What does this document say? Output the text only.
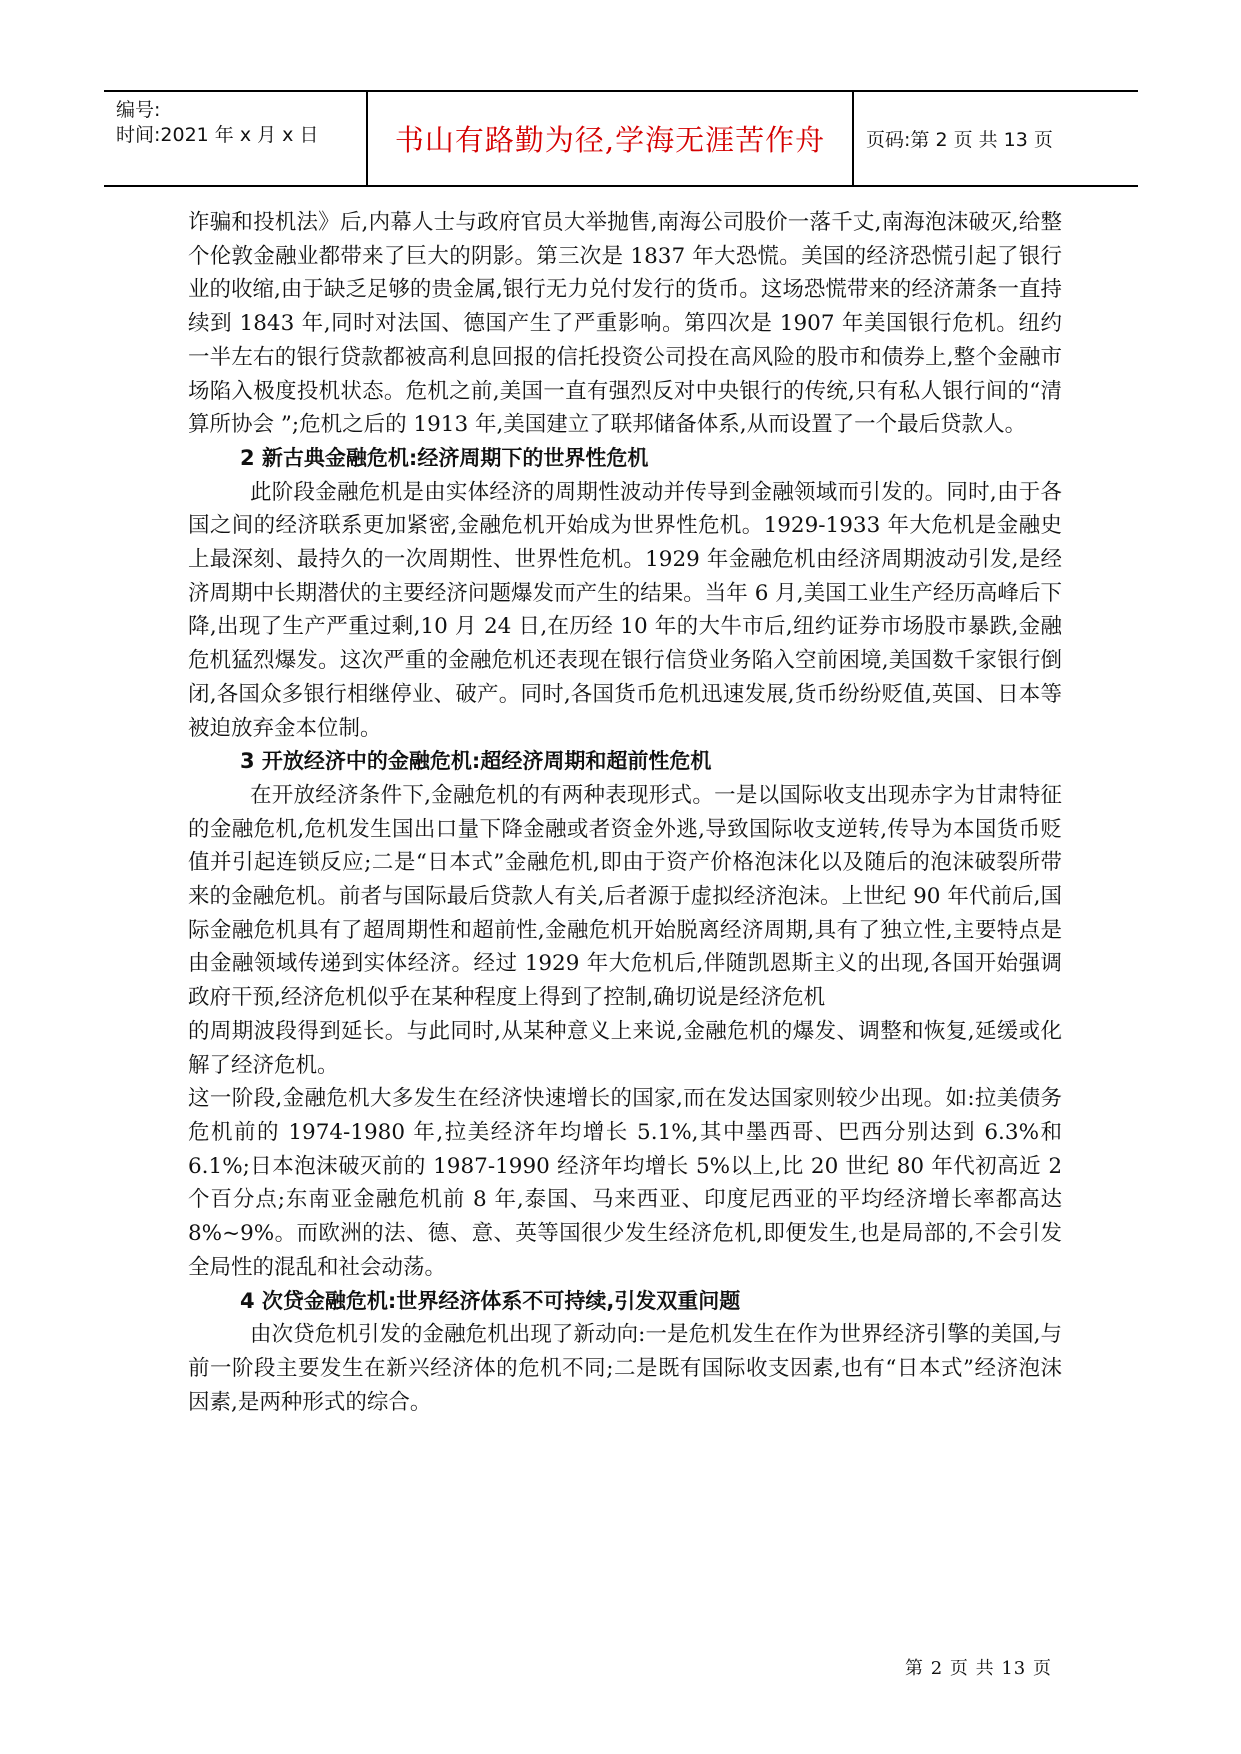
编号:
时间:2021 年 x 月 x 日	书山有路勤为径,学海无涯苦作舟	页码:第 2 页 共 13 页

诈骗和投机法》后,内幕人士与政府官员大举抛售,南海公司股价一落千丈,南海泡沫破灭,给整个伦敦金融业都带来了巨大的阴影。第三次是 1837 年大恐慌。美国的经济恐慌引起了银行业的收缩,由于缺乏足够的贵金属,银行无力兑付发行的货币。这场恐慌带来的经济萧条一直持续到 1843 年,同时对法国、德国产生了严重影响。第四次是 1907 年美国银行危机。纽约一半左右的银行贷款都被高利息回报的信托投资公司投在高风险的股市和债券上,整个金融市场陷入极度投机状态。危机之前,美国一直有强烈反对中央银行的传统,只有私人银行间的“清算所协会 ”;危机之后的 1913 年,美国建立了联邦储备体系,从而设置了一个最后贷款人。

2 新古典金融危机:经济周期下的世界性危机

此阶段金融危机是由实体经济的周期性波动并传导到金融领域而引发的。同时,由于各国之间的经济联系更加紧密,金融危机开始成为世界性危机。1929-1933 年大危机是金融史上最深刻、最持久的一次周期性、世界性危机。1929 年金融危机由经济周期波动引发,是经济周期中长期潜伏的主要经济问题爆发而产生的结果。当年 6 月,美国工业生产经历高峰后下降,出现了生产严重过剩,10 月 24 日,在历经 10 年的大牛市后,纽约证券市场股市暴跌,金融危机猛烈爆发。这次严重的金融危机还表现在银行信贷业务陷入空前困境,美国数千家银行倒闭,各国众多银行相继停业、破产。同时,各国货币危机迅速发展,货币纷纷贬值,英国、日本等被迫放弃金本位制。

3 开放经济中的金融危机:超经济周期和超前性危机

在开放经济条件下,金融危机的有两种表现形式。一是以国际收支出现赤字为甘肃特征的金融危机,危机发生国出口量下降金融或者资金外逃,导致国际收支逆转,传导为本国货币贬值并引起连锁反应;二是“日本式”金融危机,即由于资产价格泡沫化以及随后的泡沫破裂所带来的金融危机。前者与国际最后贷款人有关,后者源于虚拟经济泡沫。上世纪 90 年代前后,国际金融危机具有了超周期性和超前性,金融危机开始脱离经济周期,具有了独立性,主要特点是由金融领域传递到实体经济。经过 1929 年大危机后,伴随凯恩斯主义的出现,各国开始强调政府干预,经济危机似乎在某种程度上得到了控制,确切说是经济危机

的周期波段得到延长。与此同时,从某种意义上来说,金融危机的爆发、调整和恢复,延缓或化解了经济危机。

这一阶段,金融危机大多发生在经济快速增长的国家,而在发达国家则较少出现。如:拉美债务危机前的 1974-1980 年,拉美经济年均增长 5.1%,其中墨西哥、巴西分别达到 6.3%和 6.1%;日本泡沫破灭前的 1987-1990 经济年均增长 5%以上,比 20 世纪 80 年代初高近 2 个百分点;东南亚金融危机前 8 年,泰国、马来西亚、印度尼西亚的平均经济增长率都高达 8%~9%。而欧洲的法、德、意、英等国很少发生经济危机,即便发生,也是局部的,不会引发全局性的混乱和社会动荡。

4 次贷金融危机:世界经济体系不可持续,引发双重问题

由次贷危机引发的金融危机出现了新动向:一是危机发生在作为世界经济引擎的美国,与前一阶段主要发生在新兴经济体的危机不同;二是既有国际收支因素,也有“日本式”经济泡沫因素,是两种形式的综合。

第 2 页 共 13 页
